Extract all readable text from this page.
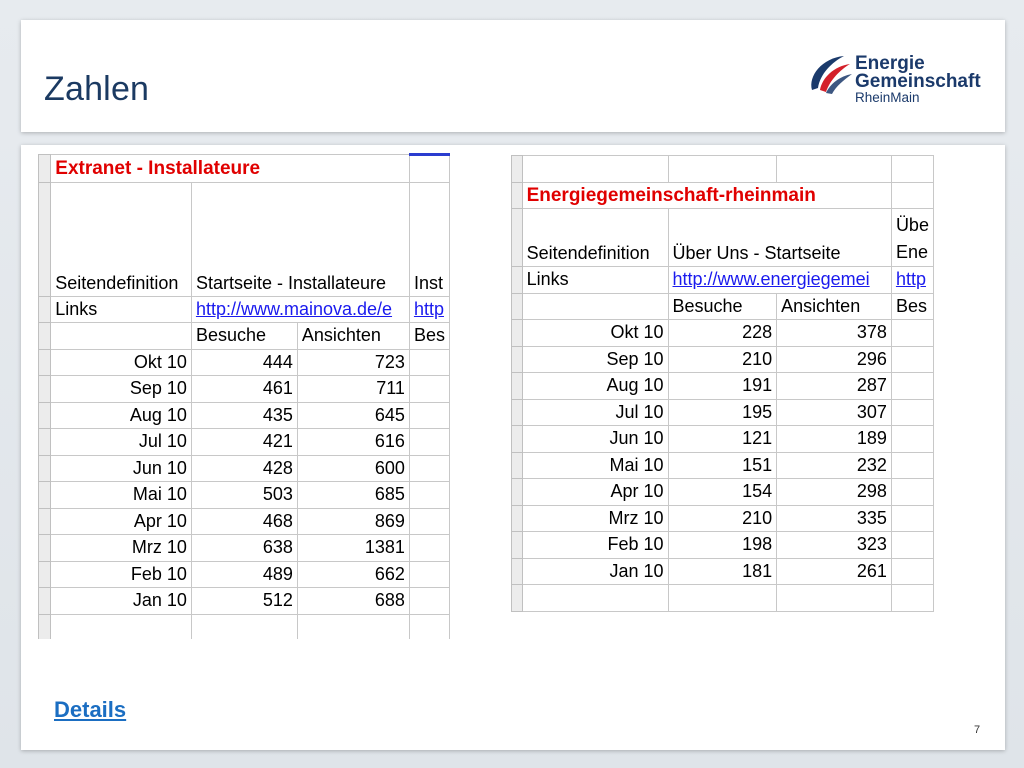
Zahlen
Energie
Gemeinschaft
RheinMain
	Extranet - Installateure			
	Seitendefinition	Startseite - Installateure		Inst
	Links	http://www.mainova.de/e		http
		Besuche	Ansichten	Bes
	Okt 10	444	723	
	Sep 10	461	711	
	Aug 10	435	645	
	Jul 10	421	616	
	Jun 10	428	600	
	Mai 10	503	685	
	Apr 10	468	869	
	Mrz 10	638	1381	
	Feb 10	489	662	
	Jan 10	512	688	

	Energiegemeinschaft-rheinmain			
	Seitendefinition	Über Uns - Startseite		Übe
Ene
	Links	http://www.energiegemei		http
		Besuche	Ansichten	Bes
	Okt 10	228	378	
	Sep 10	210	296	
	Aug 10	191	287	
	Jul 10	195	307	
	Jun 10	121	189	
	Mai 10	151	232	
	Apr 10	154	298	
	Mrz 10	210	335	
	Feb 10	198	323	
	Jan 10	181	261	

Details
7
